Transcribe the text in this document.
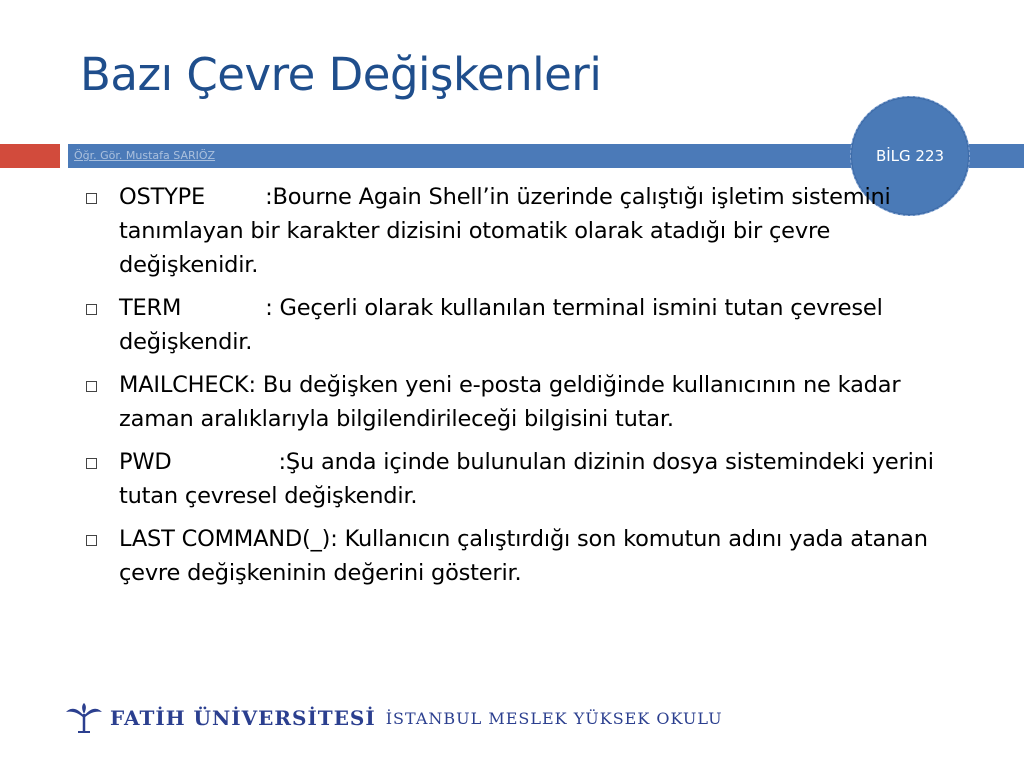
Bazı Çevre Değişkenleri
Öğr. Gör. Mustafa SARIÖZ	BİLG 223
OSTYPE	:Bourne Again Shell’in üzerinde çalıştığı işletim sistemini tanımlayan bir karakter dizisini otomatik olarak atadığı bir çevre değişkenidir.
TERM	: Geçerli olarak kullanılan terminal ismini tutan çevresel değişkendir.
MAILCHECK: Bu değişken yeni e-posta geldiğinde kullanıcının ne kadar zaman aralıklarıyla bilgilendirileceği bilgisini tutar.
PWD	:Şu anda içinde bulunulan dizinin dosya sistemindeki yerini tutan çevresel değişkendir.
LAST COMMAND(_): Kullanıcın çalıştırdığı son komutun adını yada atanan çevre değişkeninin değerini gösterir.
FATİH ÜNİVERSİTESİ İSTANBUL MESLEK YÜKSEK OKULU
